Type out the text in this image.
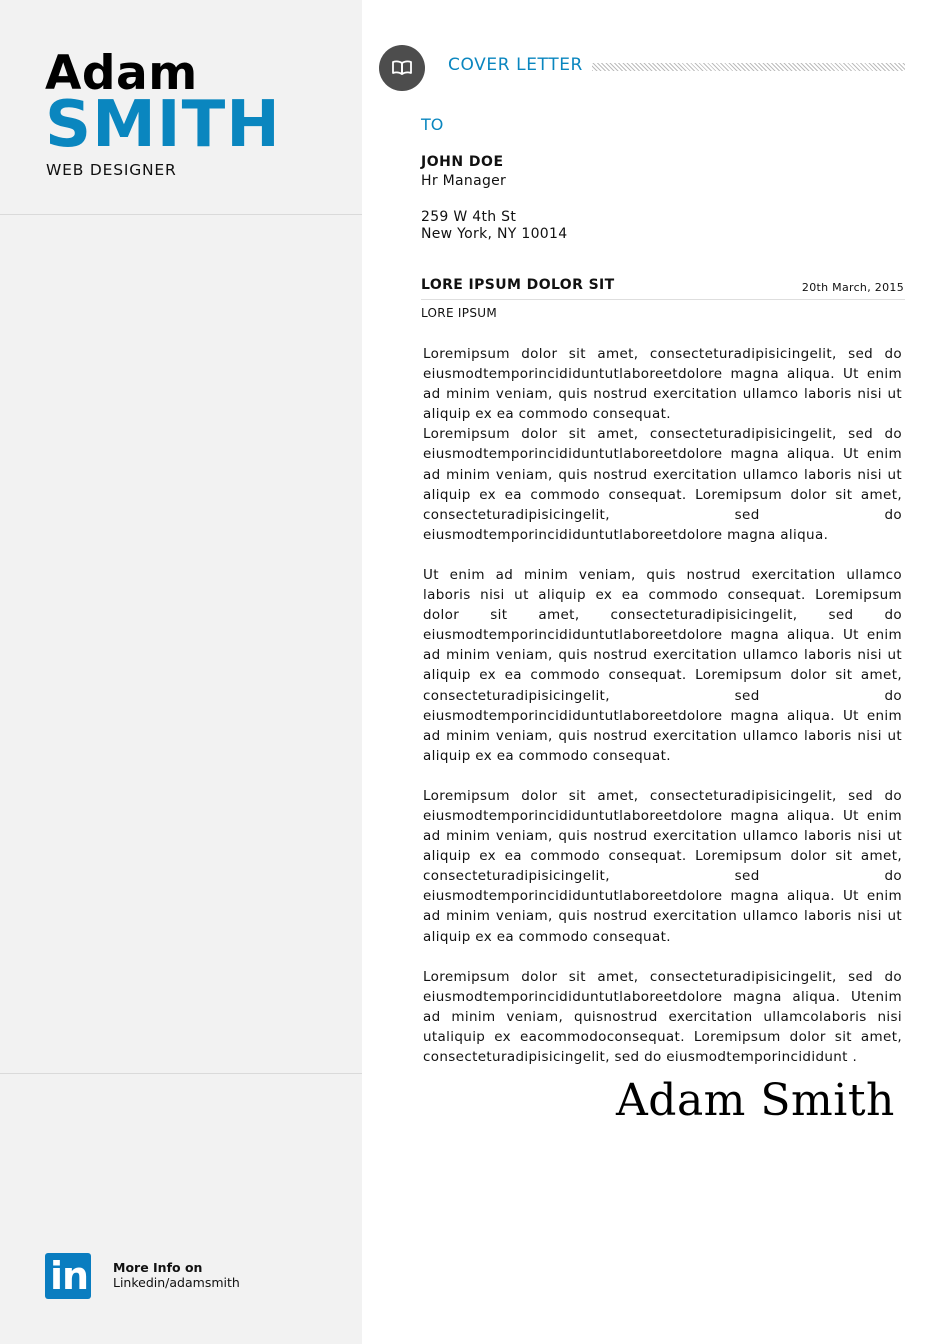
Adam
SMITH
WEB DESIGNER
in More Info on
Linkedin/adamsmith
COVER LETTER
TO
JOHN DOE
Hr Manager
259 W 4th St
New York, NY 10014
LORE IPSUM DOLOR SIT	20th March, 2015
LORE IPSUM

Loremipsum dolor sit amet, consecteturadipisicingelit, sed do eiusmodtemporincididuntutlaboreetdolore magna aliqua. Ut enim ad minim veniam, quis nostrud exercitation ullamco laboris nisi ut aliquip ex ea commodo consequat.

Loremipsum dolor sit amet, consecteturadipisicingelit, sed do eiusmodtemporincididuntutlaboreetdolore magna aliqua. Ut enim ad minim veniam, quis nostrud exercitation ullamco laboris nisi ut aliquip ex ea commodo consequat. Loremipsum dolor sit amet, consecteturadipisicingelit, sed do eiusmodtemporincididuntutlaboreetdolore magna aliqua.

Ut enim ad minim veniam, quis nostrud exercitation ullamco laboris nisi ut aliquip ex ea commodo consequat. Loremipsum dolor sit amet, consecteturadipisicingelit, sed do eiusmodtemporincididuntutlaboreetdolore magna aliqua. Ut enim ad minim veniam, quis nostrud exercitation ullamco laboris nisi ut aliquip ex ea commodo consequat. Loremipsum dolor sit amet, consecteturadipisicingelit, sed do eiusmodtemporincididuntutlaboreetdolore magna aliqua. Ut enim ad minim veniam, quis nostrud exercitation ullamco laboris nisi ut aliquip ex ea commodo consequat.

Loremipsum dolor sit amet, consecteturadipisicingelit, sed do eiusmodtemporincididuntutlaboreetdolore magna aliqua. Ut enim ad minim veniam, quis nostrud exercitation ullamco laboris nisi ut aliquip ex ea commodo consequat. Loremipsum dolor sit amet, consecteturadipisicingelit, sed do eiusmodtemporincididuntutlaboreetdolore magna aliqua. Ut enim ad minim veniam, quis nostrud exercitation ullamco laboris nisi ut aliquip ex ea commodo consequat.

Loremipsum dolor sit amet, consecteturadipisicingelit, sed do eiusmodtemporincididuntutlaboreetdolore magna aliqua. Utenim ad minim veniam, quisnostrud exercitation ullamcolaboris nisi utaliquip ex eacommodoconsequat. Loremipsum dolor sit amet, consecteturadipisicingelit, sed do eiusmodtemporincididunt .

Adam Smith
